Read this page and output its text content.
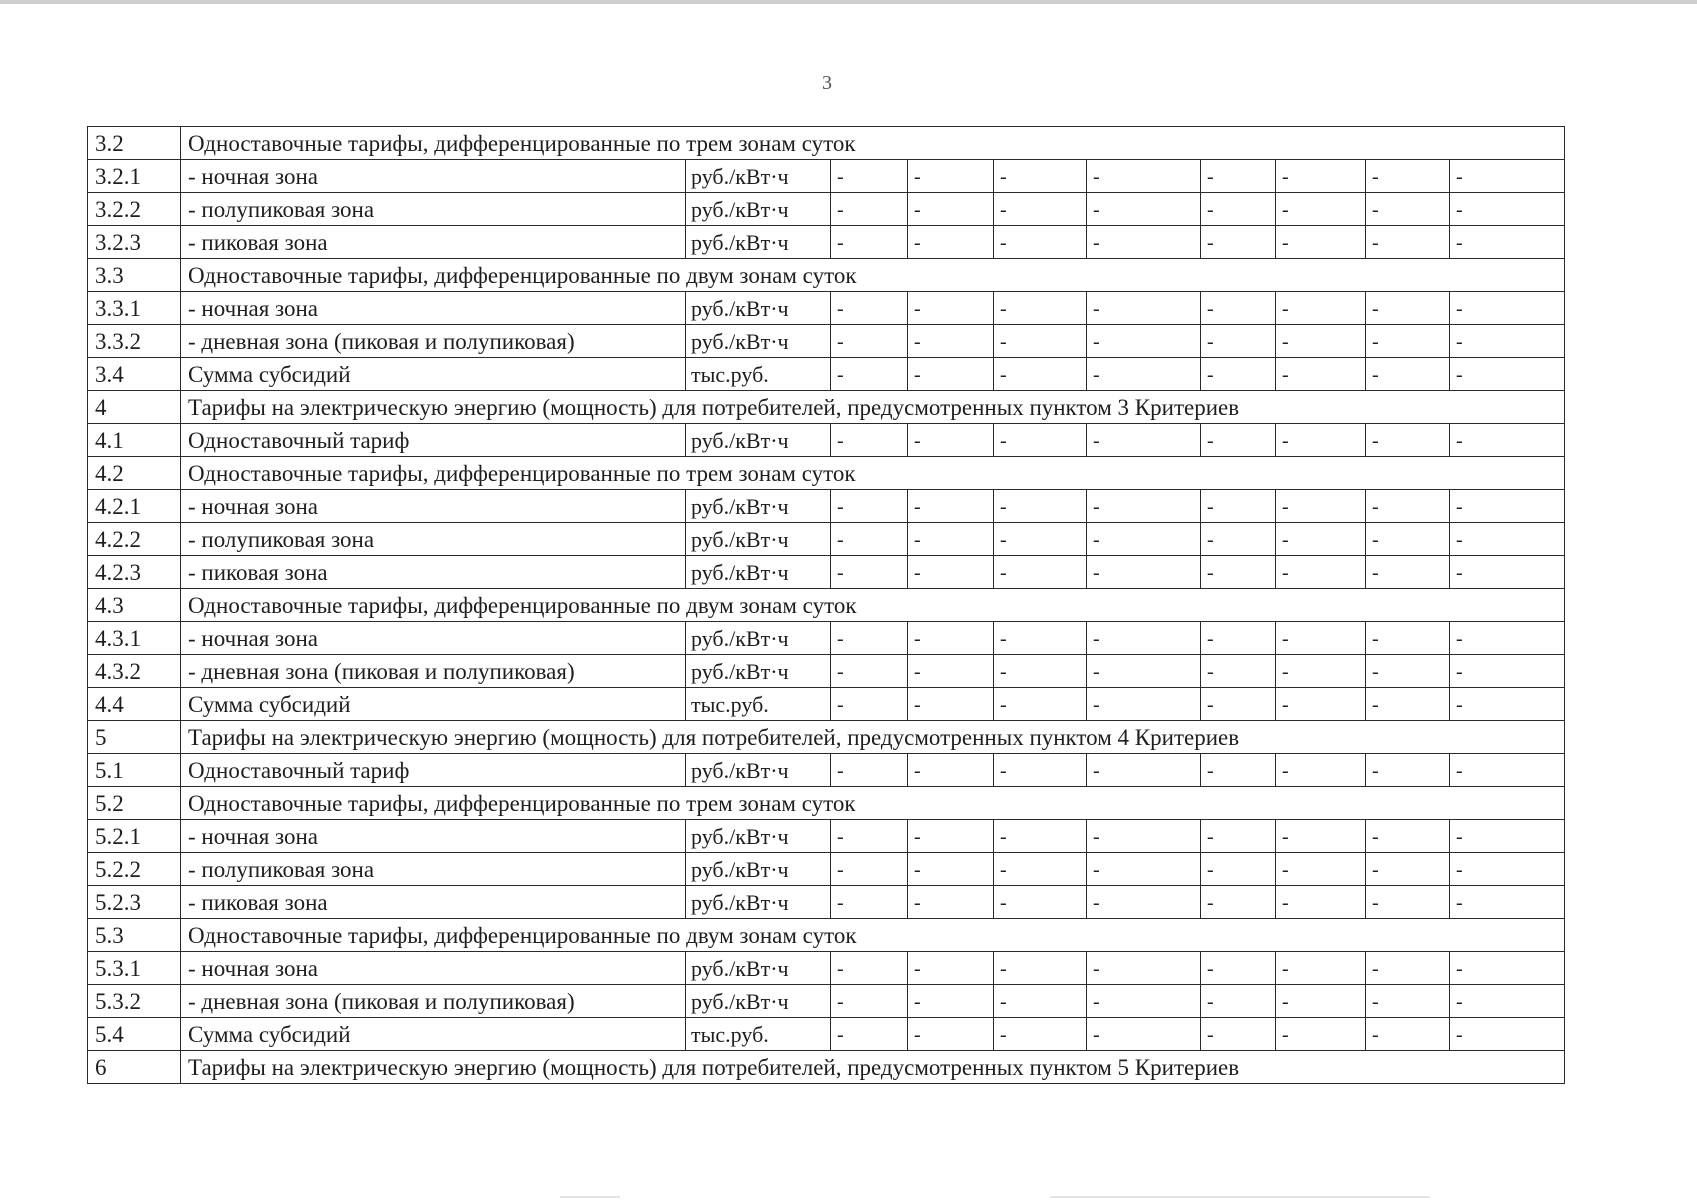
3
3.2	Одноставочные тарифы, дифференцированные по трем зонам суток									
3.2.1	- ночная зона	руб./кВт·ч	-	-	-	-	-	-	-	-
3.2.2	- полупиковая зона	руб./кВт·ч	-	-	-	-	-	-	-	-
3.2.3	- пиковая зона	руб./кВт·ч	-	-	-	-	-	-	-	-
3.3	Одноставочные тарифы, дифференцированные по двум зонам суток									
3.3.1	- ночная зона	руб./кВт·ч	-	-	-	-	-	-	-	-
3.3.2	- дневная зона (пиковая и полупиковая)	руб./кВт·ч	-	-	-	-	-	-	-	-
3.4	Сумма субсидий	тыс.руб.	-	-	-	-	-	-	-	-
4	Тарифы на электрическую энергию (мощность) для потребителей, предусмотренных пунктом 3 Критериев									
4.1	Одноставочный тариф	руб./кВт·ч	-	-	-	-	-	-	-	-
4.2	Одноставочные тарифы, дифференцированные по трем зонам суток									
4.2.1	- ночная зона	руб./кВт·ч	-	-	-	-	-	-	-	-
4.2.2	- полупиковая зона	руб./кВт·ч	-	-	-	-	-	-	-	-
4.2.3	- пиковая зона	руб./кВт·ч	-	-	-	-	-	-	-	-
4.3	Одноставочные тарифы, дифференцированные по двум зонам суток									
4.3.1	- ночная зона	руб./кВт·ч	-	-	-	-	-	-	-	-
4.3.2	- дневная зона (пиковая и полупиковая)	руб./кВт·ч	-	-	-	-	-	-	-	-
4.4	Сумма субсидий	тыс.руб.	-	-	-	-	-	-	-	-
5	Тарифы на электрическую энергию (мощность) для потребителей, предусмотренных пунктом 4 Критериев									
5.1	Одноставочный тариф	руб./кВт·ч	-	-	-	-	-	-	-	-
5.2	Одноставочные тарифы, дифференцированные по трем зонам суток									
5.2.1	- ночная зона	руб./кВт·ч	-	-	-	-	-	-	-	-
5.2.2	- полупиковая зона	руб./кВт·ч	-	-	-	-	-	-	-	-
5.2.3	- пиковая зона	руб./кВт·ч	-	-	-	-	-	-	-	-
5.3	Одноставочные тарифы, дифференцированные по двум зонам суток									
5.3.1	- ночная зона	руб./кВт·ч	-	-	-	-	-	-	-	-
5.3.2	- дневная зона (пиковая и полупиковая)	руб./кВт·ч	-	-	-	-	-	-	-	-
5.4	Сумма субсидий	тыс.руб.	-	-	-	-	-	-	-	-
6	Тарифы на электрическую энергию (мощность) для потребителей, предусмотренных пунктом 5 Критериев									
